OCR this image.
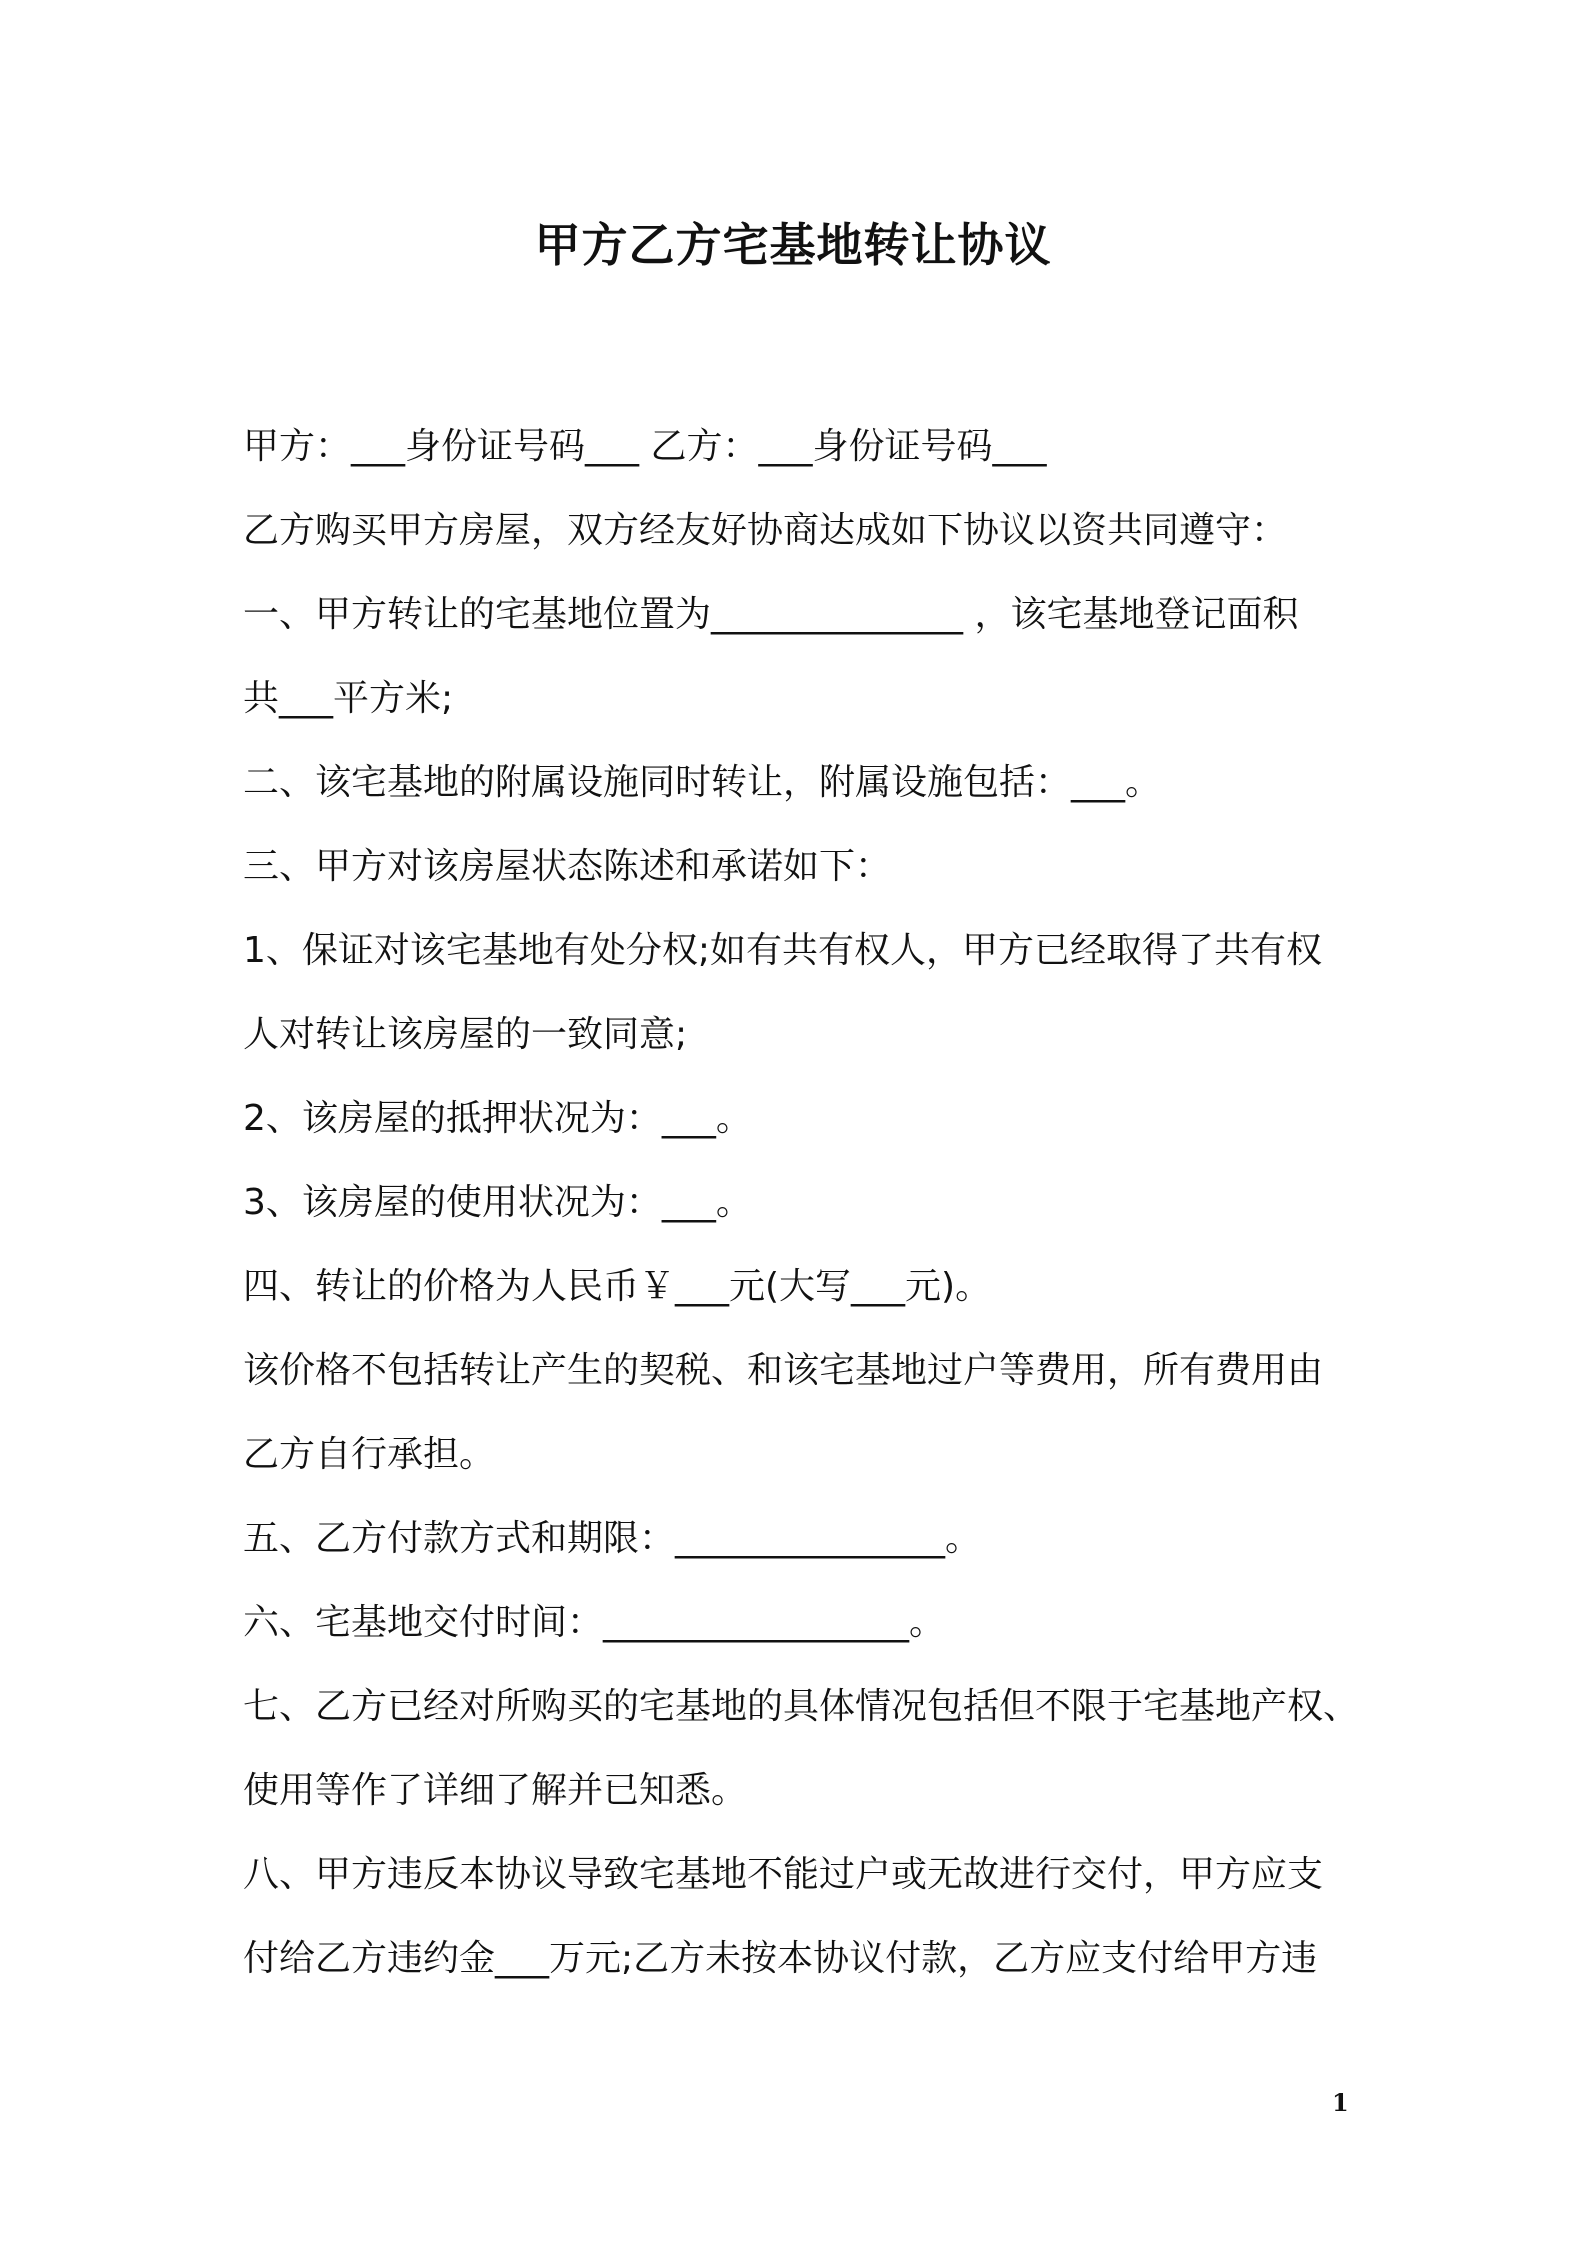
甲方乙方宅基地转让协议
甲方：___身份证号码___ 乙方：___身份证号码___
乙方购买甲方房屋，双方经友好协商达成如下协议以资共同遵守：
一、甲方转让的宅基地位置为______________ ，该宅基地登记面积
共___平方米;
二、该宅基地的附属设施同时转让，附属设施包括：___。
三、甲方对该房屋状态陈述和承诺如下：
1、保证对该宅基地有处分权;如有共有权人，甲方已经取得了共有权
人对转让该房屋的一致同意;
2、该房屋的抵押状况为：___。
3、该房屋的使用状况为：___。
四、转让的价格为人民币￥___元(大写___元)。
该价格不包括转让产生的契税、和该宅基地过户等费用，所有费用由
乙方自行承担。
五、乙方付款方式和期限：_______________。
六、宅基地交付时间：_________________。
七、乙方已经对所购买的宅基地的具体情况包括但不限于宅基地产权、
使用等作了详细了解并已知悉。
八、甲方违反本协议导致宅基地不能过户或无故进行交付，甲方应支
付给乙方违约金___万元;乙方未按本协议付款，乙方应支付给甲方违
1
